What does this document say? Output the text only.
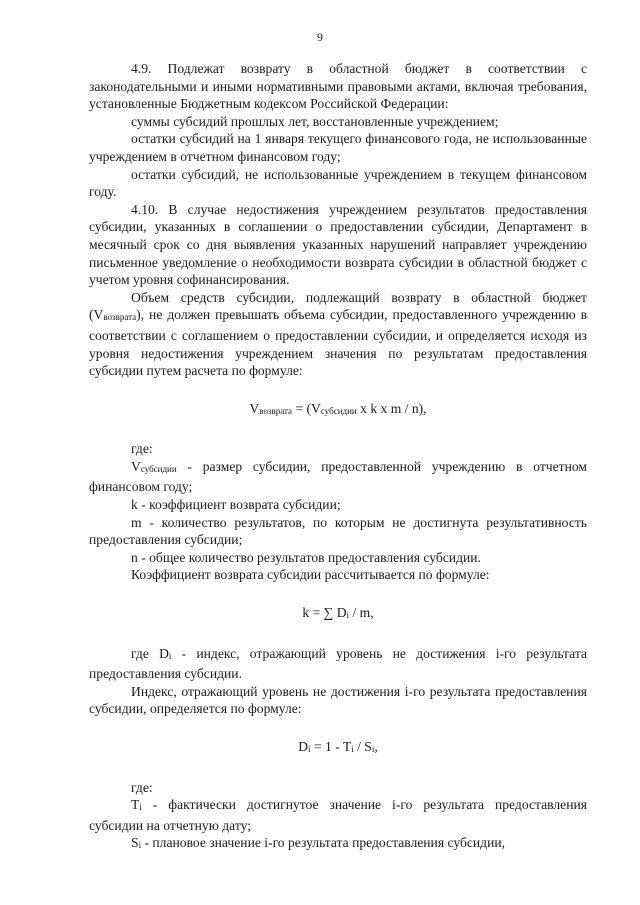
9

4.9. Подлежат возврату в областной бюджет в соответствии с законодательными и иными нормативными правовыми актами, включая требования, установленные Бюджетным кодексом Российской Федерации:

суммы субсидий прошлых лет, восстановленные учреждением;

остатки субсидий на 1 января текущего финансового года, не использованные учреждением в отчетном финансовом году;

остатки субсидий, не использованные учреждением в текущем финансовом году.

4.10. В случае недостижения учреждением результатов предоставления субсидии, указанных в соглашении о предоставлении субсидии, Департамент в месячный срок со дня выявления указанных нарушений направляет учреждению письменное уведомление о необходимости возврата субсидии в областной бюджет с учетом уровня софинансирования.

Объем средств субсидии, подлежащий возврату в областной бюджет (Vвозврата), не должен превышать объема субсидии, предоставленного учреждению в соответствии с соглашением о предоставлении субсидии, и определяется исходя из уровня недостижения учреждением значения по результатам предоставления субсидии путем расчета по формуле:

Vвозврата = (Vсубсидии x k x m / n),

где:

Vсубсидии - размер субсидии, предоставленной учреждению в отчетном финансовом году;

k - коэффициент возврата субсидии;

m - количество результатов, по которым не достигнута результативность предоставления субсидии;

n - общее количество результатов предоставления субсидии.

Коэффициент возврата субсидии рассчитывается по формуле:

k = ∑ Di / m,

где Di - индекс, отражающий уровень не достижения i-го результата предоставления субсидии.

Индекс, отражающий уровень не достижения i-го результата предоставления субсидии, определяется по формуле:

Di = 1 - Ti / Si,

где:

Ti - фактически достигнутое значение i-го результата предоставления субсидии на отчетную дату;

Si - плановое значение i-го результата предоставления субсидии,
